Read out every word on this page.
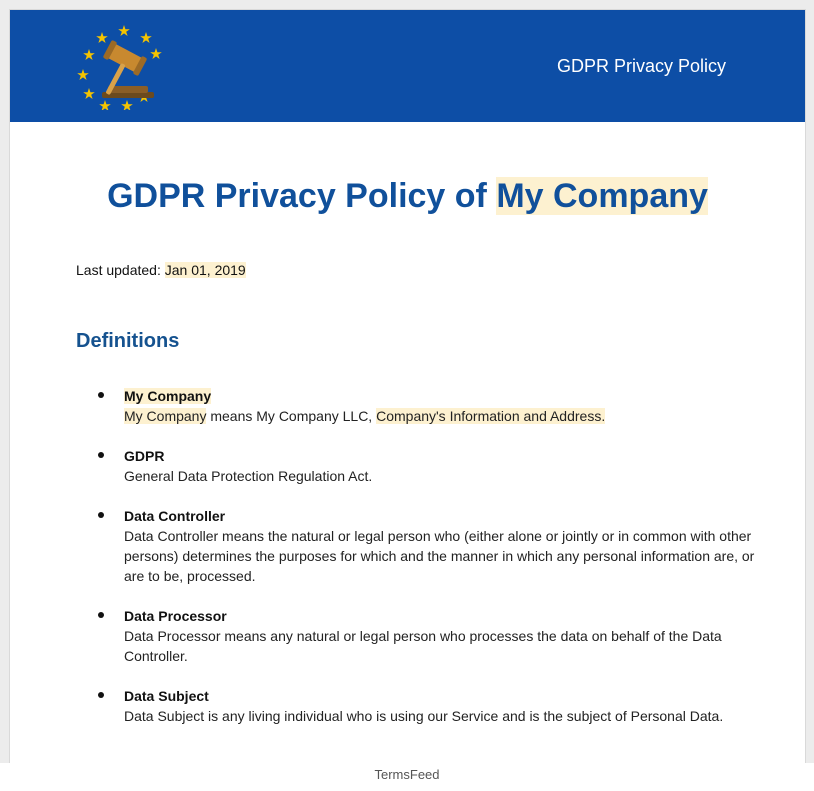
GDPR Privacy Policy
GDPR Privacy Policy of My Company
Last updated: Jan 01, 2019
Definitions
My Company
My Company means My Company LLC, Company's Information and Address.
GDPR
General Data Protection Regulation Act.
Data Controller
Data Controller means the natural or legal person who (either alone or jointly or in common with other persons) determines the purposes for which and the manner in which any personal information are, or are to be, processed.
Data Processor
Data Processor means any natural or legal person who processes the data on behalf of the Data Controller.
Data Subject
Data Subject is any living individual who is using our Service and is the subject of Personal Data.
TermsFeed
